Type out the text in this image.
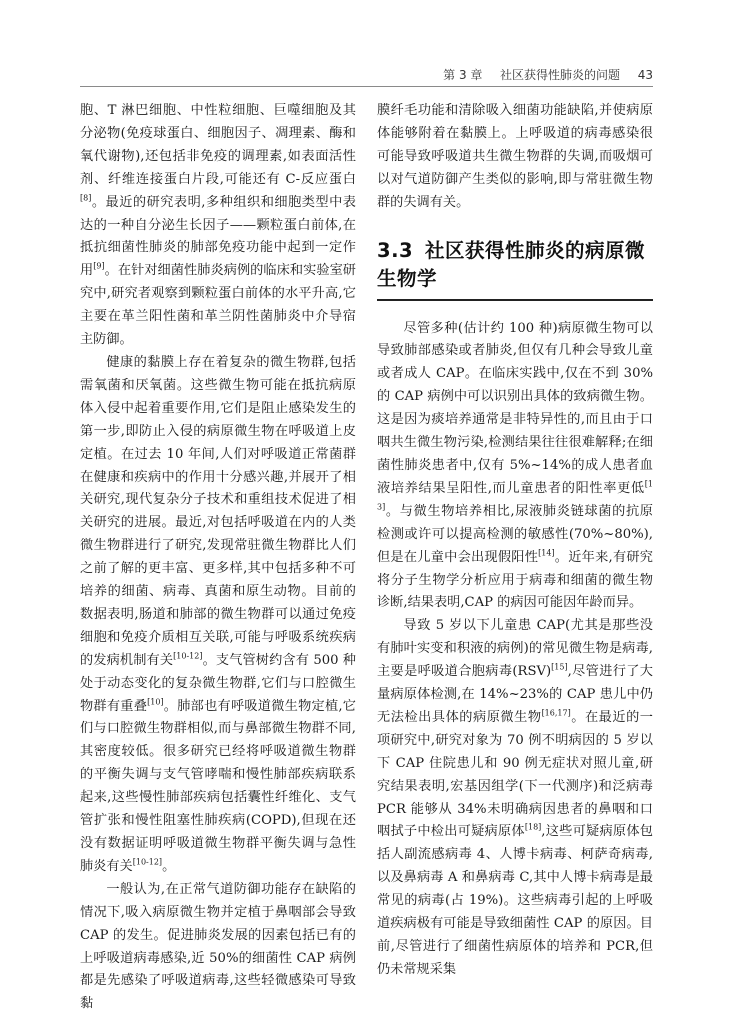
第 3 章 社区获得性肺炎的问题 43

胞、T 淋巴细胞、中性粒细胞、巨噬细胞及其分泌物(免疫球蛋白、细胞因子、凋理素、酶和氧代谢物),还包括非免疫的调理素,如表面活性剂、纤维连接蛋白片段,可能还有 C-反应蛋白[8]。最近的研究表明,多种组织和细胞类型中表达的一种自分泌生长因子——颗粒蛋白前体,在抵抗细菌性肺炎的肺部免疫功能中起到一定作用[9]。在针对细菌性肺炎病例的临床和实验室研究中,研究者观察到颗粒蛋白前体的水平升高,它主要在革兰阳性菌和革兰阴性菌肺炎中介导宿主防御。

健康的黏膜上存在着复杂的微生物群,包括需氧菌和厌氧菌。这些微生物可能在抵抗病原体入侵中起着重要作用,它们是阻止感染发生的第一步,即防止入侵的病原微生物在呼吸道上皮定植。在过去 10 年间,人们对呼吸道正常菌群在健康和疾病中的作用十分感兴趣,并展开了相关研究,现代复杂分子技术和重组技术促进了相关研究的进展。最近,对包括呼吸道在内的人类微生物群进行了研究,发现常驻微生物群比人们之前了解的更丰富、更多样,其中包括多种不可培养的细菌、病毒、真菌和原生动物。目前的数据表明,肠道和肺部的微生物群可以通过免疫细胞和免疫介质相互关联,可能与呼吸系统疾病的发病机制有关[10-12]。支气管树约含有 500 种处于动态变化的复杂微生物群,它们与口腔微生物群有重叠[10]。肺部也有呼吸道微生物定植,它们与口腔微生物群相似,而与鼻部微生物群不同,其密度较低。很多研究已经将呼吸道微生物群的平衡失调与支气管哮喘和慢性肺部疾病联系起来,这些慢性肺部疾病包括囊性纤维化、支气管扩张和慢性阻塞性肺疾病(COPD),但现在还没有数据证明呼吸道微生物群平衡失调与急性肺炎有关[10-12]。

一般认为,在正常气道防御功能存在缺陷的情况下,吸入病原微生物并定植于鼻咽部会导致 CAP 的发生。促进肺炎发展的因素包括已有的上呼吸道病毒感染,近 50%的细菌性 CAP 病例都是先感染了呼吸道病毒,这些轻微感染可导致黏

膜纤毛功能和清除吸入细菌功能缺陷,并使病原体能够附着在黏膜上。上呼吸道的病毒感染很可能导致呼吸道共生微生物群的失调,而吸烟可以对气道防御产生类似的影响,即与常驻微生物群的失调有关。

3.3 社区获得性肺炎的病原微生物学

尽管多种(估计约 100 种)病原微生物可以导致肺部感染或者肺炎,但仅有几种会导致儿童或者成人 CAP。在临床实践中,仅在不到 30%的 CAP 病例中可以识别出具体的致病微生物。这是因为痰培养通常是非特异性的,而且由于口咽共生微生物污染,检测结果往往很难解释;在细菌性肺炎患者中,仅有 5%~14%的成人患者血液培养结果呈阳性,而儿童患者的阳性率更低[13]。与微生物培养相比,尿液肺炎链球菌的抗原检测或许可以提高检测的敏感性(70%~80%),但是在儿童中会出现假阳性[14]。近年来,有研究将分子生物学分析应用于病毒和细菌的微生物诊断,结果表明,CAP 的病因可能因年龄而异。

导致 5 岁以下儿童患 CAP(尤其是那些没有肺叶实变和积液的病例)的常见微生物是病毒,主要是呼吸道合胞病毒(RSV)[15],尽管进行了大量病原体检测,在 14%~23%的 CAP 患儿中仍无法检出具体的病原微生物[16,17]。在最近的一项研究中,研究对象为 70 例不明病因的 5 岁以下 CAP 住院患儿和 90 例无症状对照儿童,研究结果表明,宏基因组学(下一代测序)和泛病毒 PCR 能够从 34%未明确病因患者的鼻咽和口咽拭子中检出可疑病原体[18],这些可疑病原体包括人副流感病毒 4、人博卡病毒、柯萨奇病毒,以及鼻病毒 A 和鼻病毒 C,其中人博卡病毒是最常见的病毒(占 19%)。这些病毒引起的上呼吸道疾病极有可能是导致细菌性 CAP 的原因。目前,尽管进行了细菌性病原体的培养和 PCR,但仍未常规采集
